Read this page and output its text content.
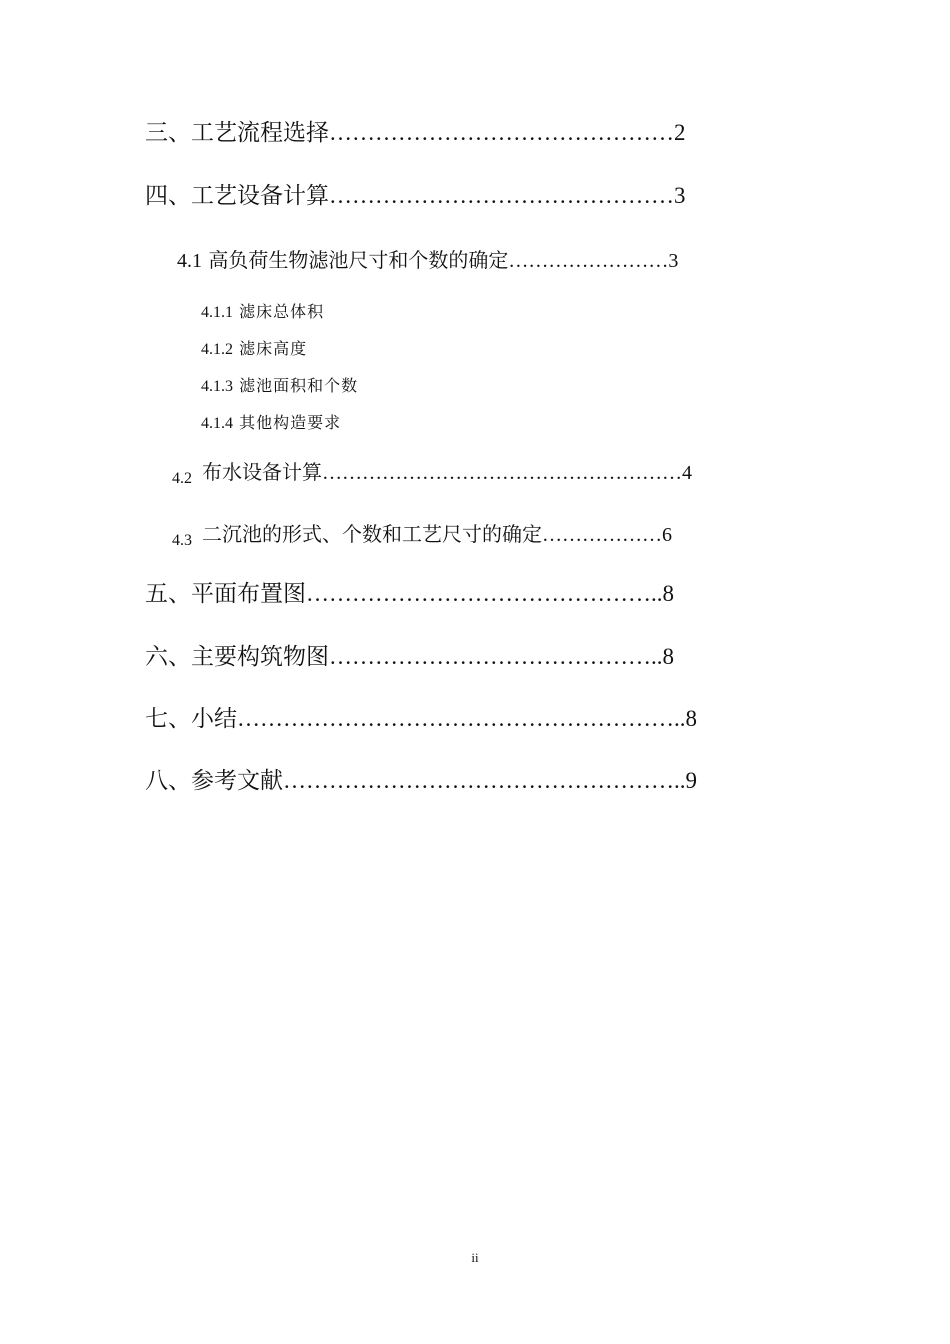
三、工艺流程选择………………………………………2
四、工艺设备计算………………………………………3
4.1 高负荷生物滤池尺寸和个数的确定……………………3
4.1.1 滤床总体积
4.1.2 滤床高度
4.1.3 滤池面积和个数
4.1.4 其他构造要求
$_{4.2}$ 布水设备计算………………………………………………4
$_{4.3}$ 二沉池的形式、个数和工艺尺寸的确定………………6
五、平面布置图………………………………………..8
六、主要构筑物图……………………………………..8
七、小结…………………………………………………..8
八、参考文献……………………………………………..9
ii
